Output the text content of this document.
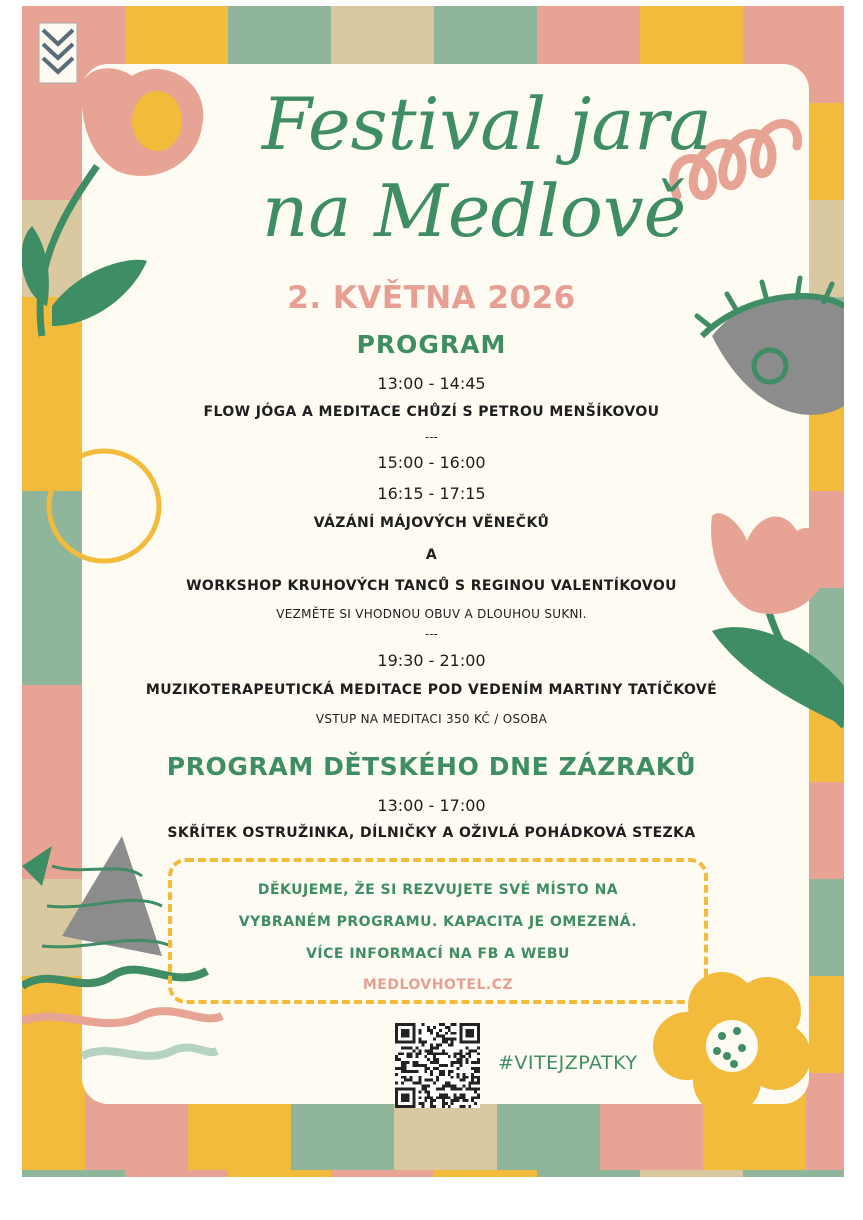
Festival jara
na Medlově
2. KVĚTNA 2026
PROGRAM
13:00 - 14:45
FLOW JÓGA A MEDITACE CHŮZÍ S PETROU MENŠÍKOVOU
---
15:00 - 16:00
16:15 - 17:15
VÁZÁNÍ MÁJOVÝCH VĚNEČKŮ
A
WORKSHOP KRUHOVÝCH TANCŮ S REGINOU VALENTÍKOVOU
VEZMĚTE SI VHODNOU OBUV A DLOUHOU SUKNI.
---
19:30 - 21:00
MUZIKOTERAPEUTICKÁ MEDITACE POD VEDENÍM MARTINY TATÍČKOVÉ
VSTUP NA MEDITACI 350 KČ / OSOBA
PROGRAM DĚTSKÉHO DNE ZÁZRAKŮ
13:00 - 17:00
SKŘÍTEK OSTRUŽINKA, DÍLNIČKY A OŽIVLÁ POHÁDKOVÁ STEZKA
DĚKUJEME, ŽE SI REZVUJETE SVÉ MÍSTO NA
VYBRANÉM PROGRAMU. KAPACITA JE OMEZENÁ.
VÍCE INFORMACÍ NA FB A WEBU
MEDLOVHOTEL.CZ
#VITEJZPATKY
